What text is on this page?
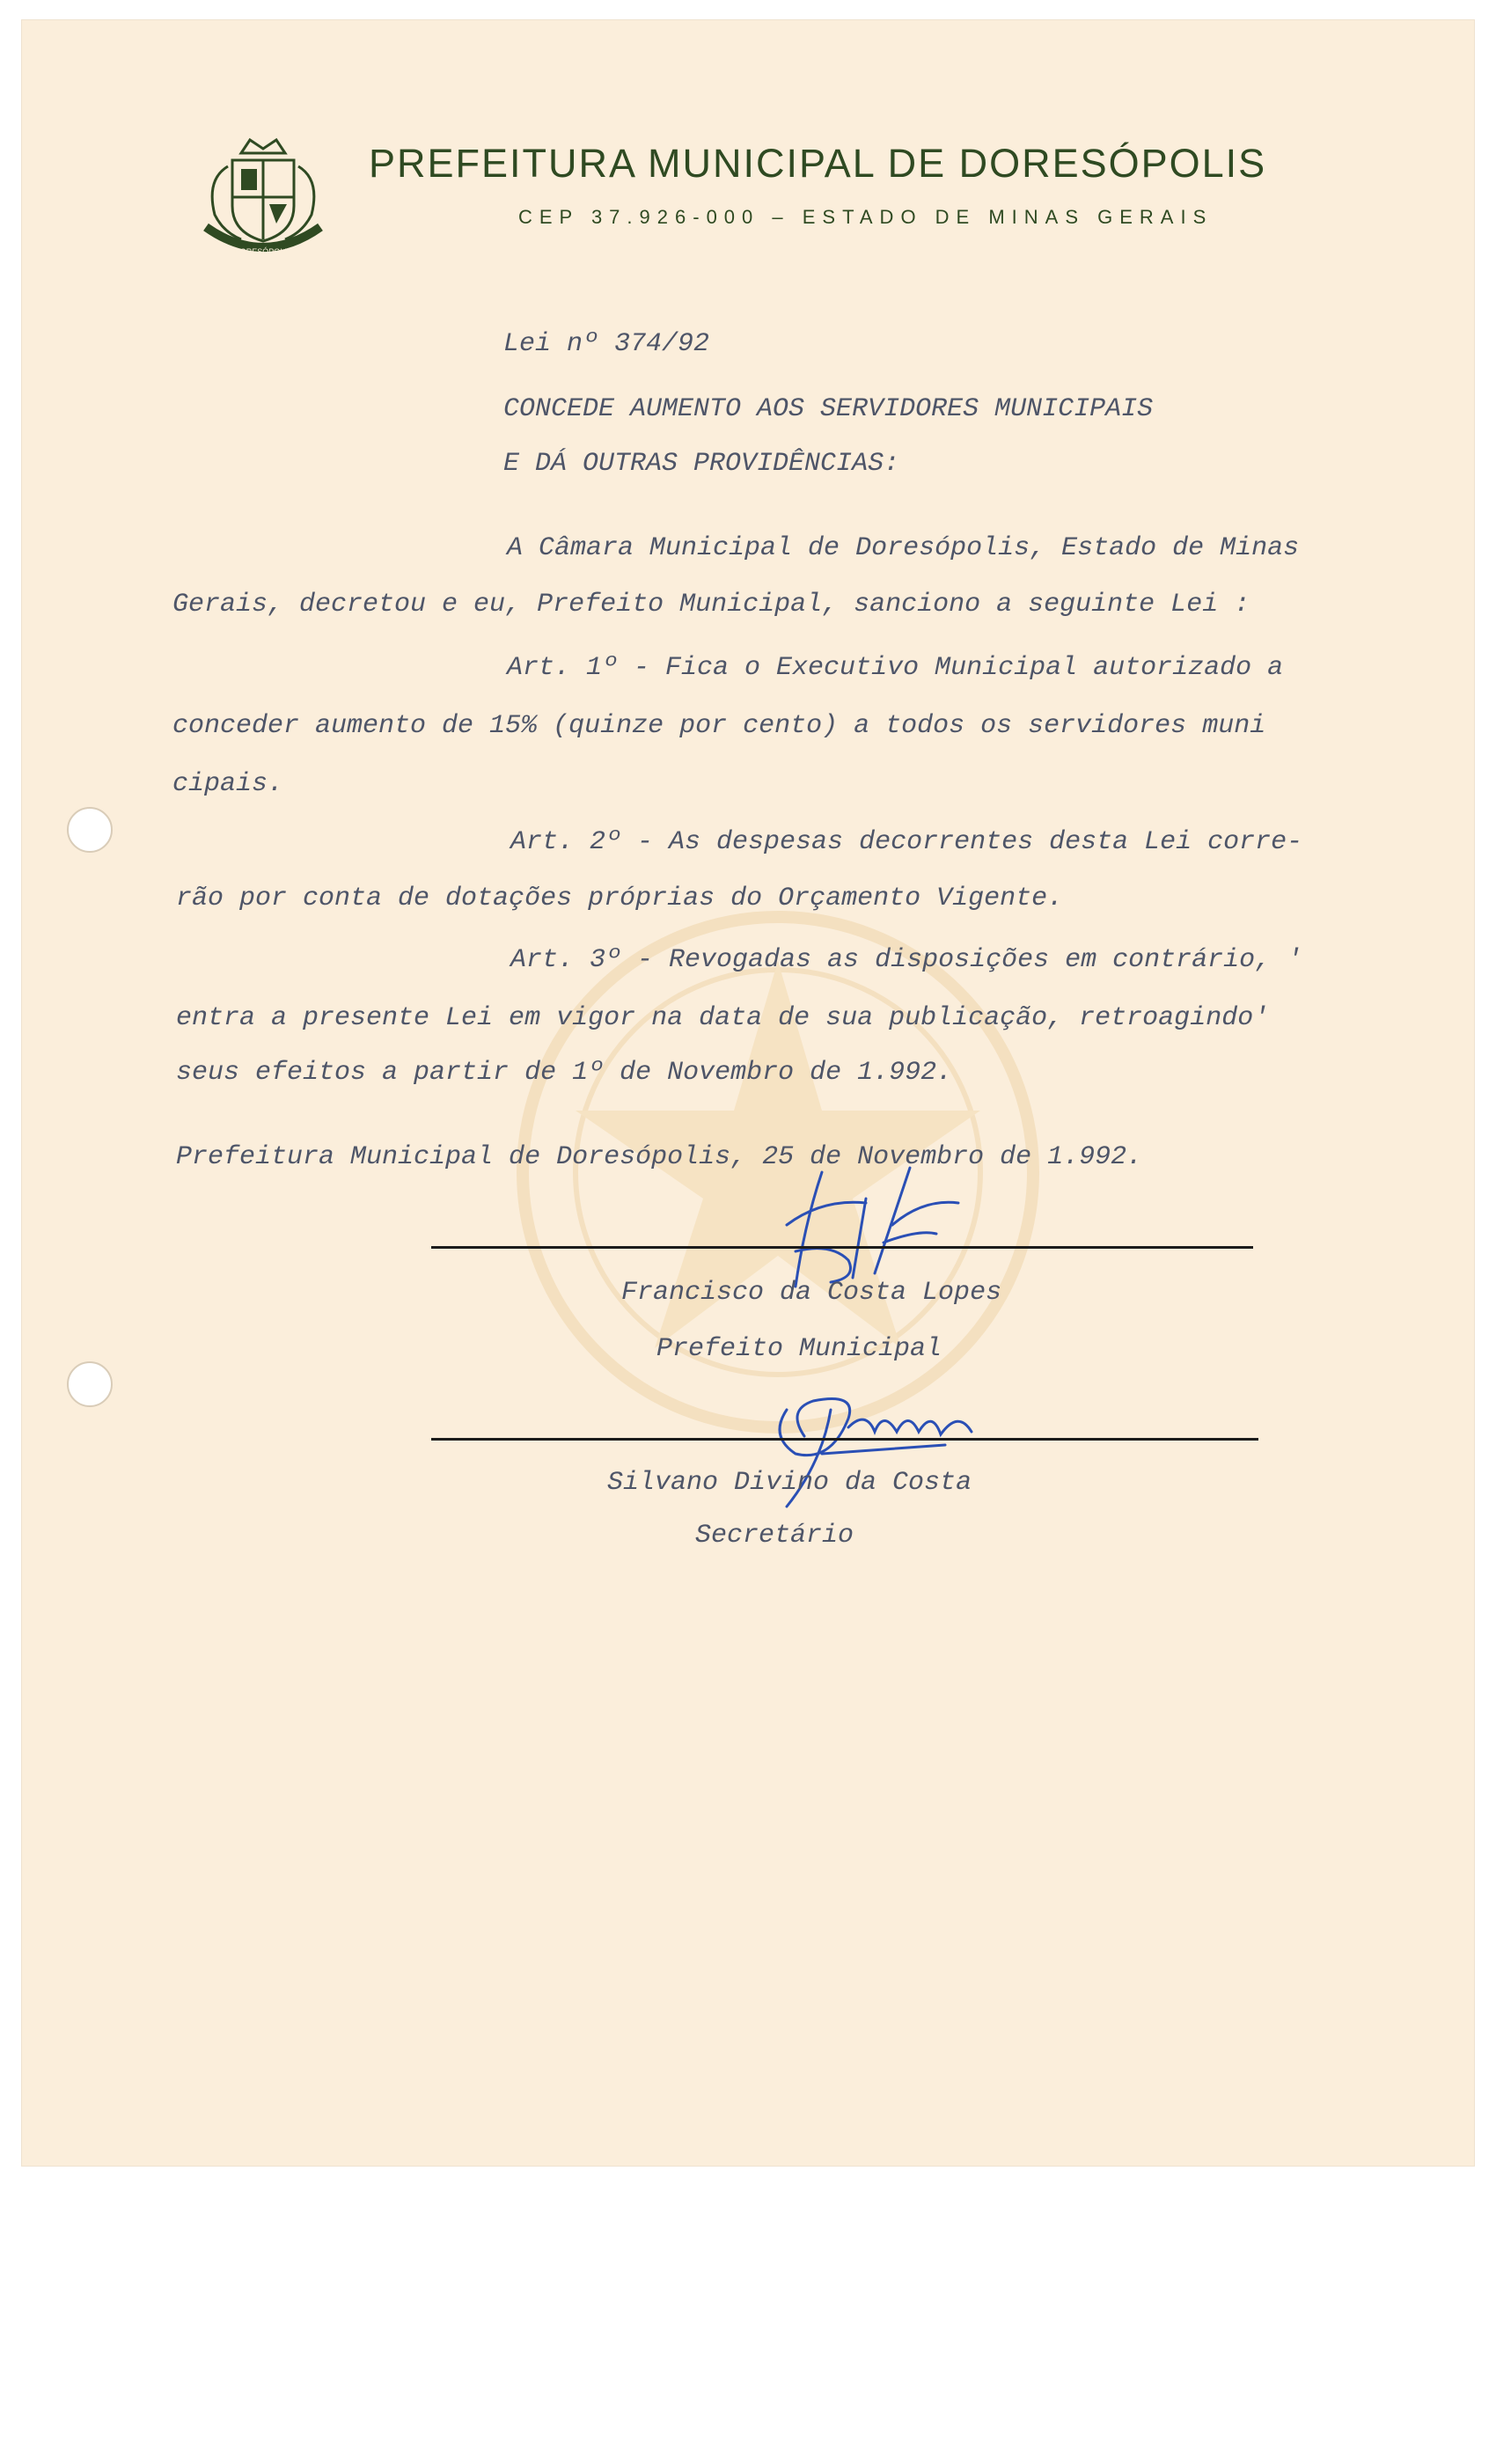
DORESÓPOLIS
PREFEITURA MUNICIPAL DE DORESÓPOLIS

CEP 37.926-000 – ESTADO DE MINAS GERAIS

Lei nº 374/92

CONCEDE AUMENTO AOS SERVIDORES MUNICIPAIS

E DÁ OUTRAS PROVIDÊNCIAS:

A Câmara Municipal de Doresópolis, Estado de Minas

Gerais, decretou e eu, Prefeito Municipal, sanciono a seguinte Lei :

Art. 1º - Fica o Executivo Municipal autorizado a

conceder aumento de 15% (quinze por cento) a todos os servidores muni

cipais.

Art. 2º - As despesas decorrentes desta Lei corre-

rão por conta de dotações próprias do Orçamento Vigente.

Art. 3º - Revogadas as disposições em contrário, '

entra a presente Lei em vigor na data de sua publicação, retroagindo'

seus efeitos a partir de 1º de Novembro de 1.992.

Prefeitura Municipal de Doresópolis, 25 de Novembro de 1.992.

Francisco da Costa Lopes

Prefeito Municipal

Silvano Divino da Costa

Secretário
